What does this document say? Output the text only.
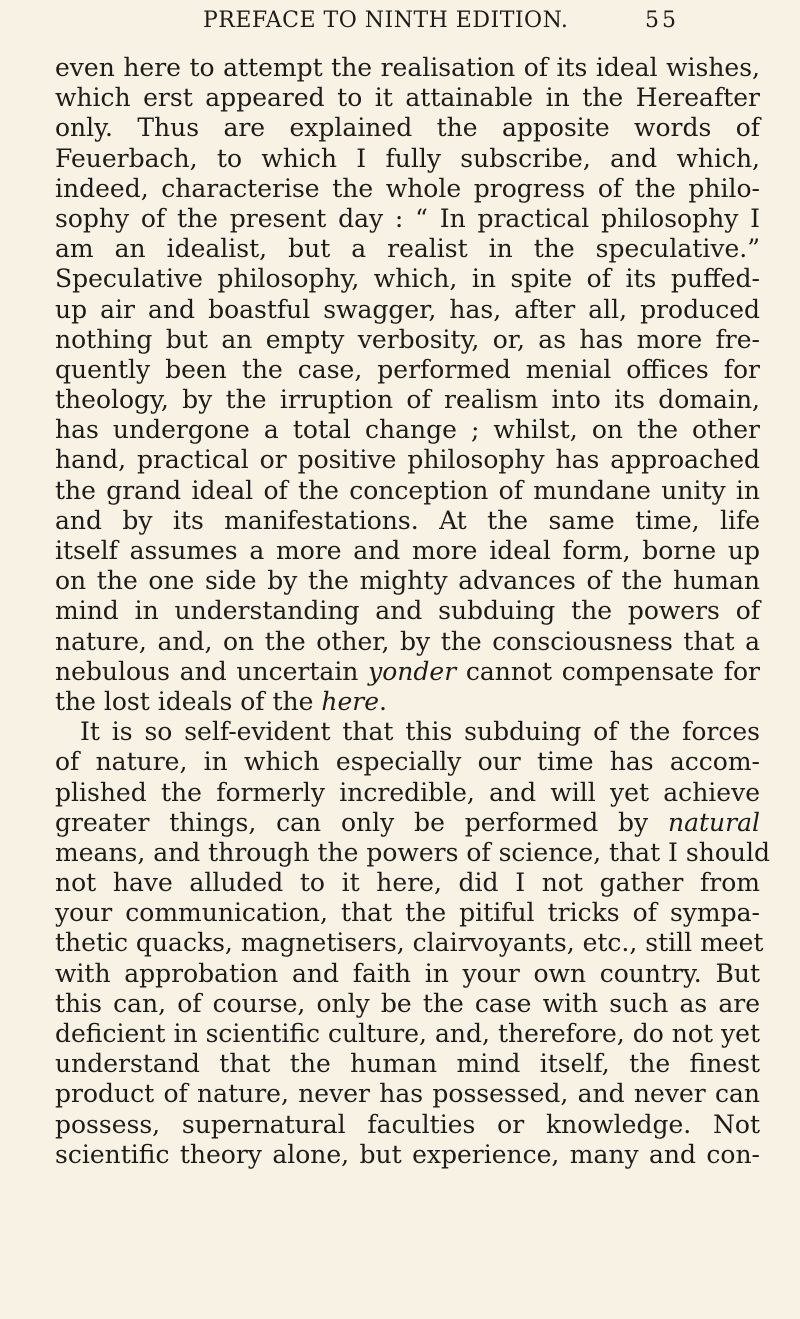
PREFACE TO NINTH EDITION.	55
even here to attempt the realisation of its ideal wishes,
which erst appeared to it attainable in the Hereafter
only. Thus are explained the apposite words of
Feuerbach, to which I fully subscribe, and which,
indeed, characterise the whole progress of the philo-
sophy of the present day : “ In practical philosophy I
am an idealist, but a realist in the speculative.”
Speculative philosophy, which, in spite of its puffed-
up air and boastful swagger, has, after all, produced
nothing but an empty verbosity, or, as has more fre-
quently been the case, performed menial offices for
theology, by the irruption of realism into its domain,
has undergone a total change ; whilst, on the other
hand, practical or positive philosophy has approached
the grand ideal of the conception of mundane unity in
and by its manifestations. At the same time, life
itself assumes a more and more ideal form, borne up
on the one side by the mighty advances of the human
mind in understanding and subduing the powers of
nature, and, on the other, by the consciousness that a
nebulous and uncertain yonder cannot compensate for
the lost ideals of the here.
It is so self-evident that this subduing of the forces
of nature, in which especially our time has accom-
plished the formerly incredible, and will yet achieve
greater things, can only be performed by natural
means, and through the powers of science, that I should
not have alluded to it here, did I not gather from
your communication, that the pitiful tricks of sympa-
thetic quacks, magnetisers, clairvoyants, etc., still meet
with approbation and faith in your own country. But
this can, of course, only be the case with such as are
deficient in scientific culture, and, therefore, do not yet
understand that the human mind itself, the finest
product of nature, never has possessed, and never can
possess, supernatural faculties or knowledge. Not
scientific theory alone, but experience, many and con-
